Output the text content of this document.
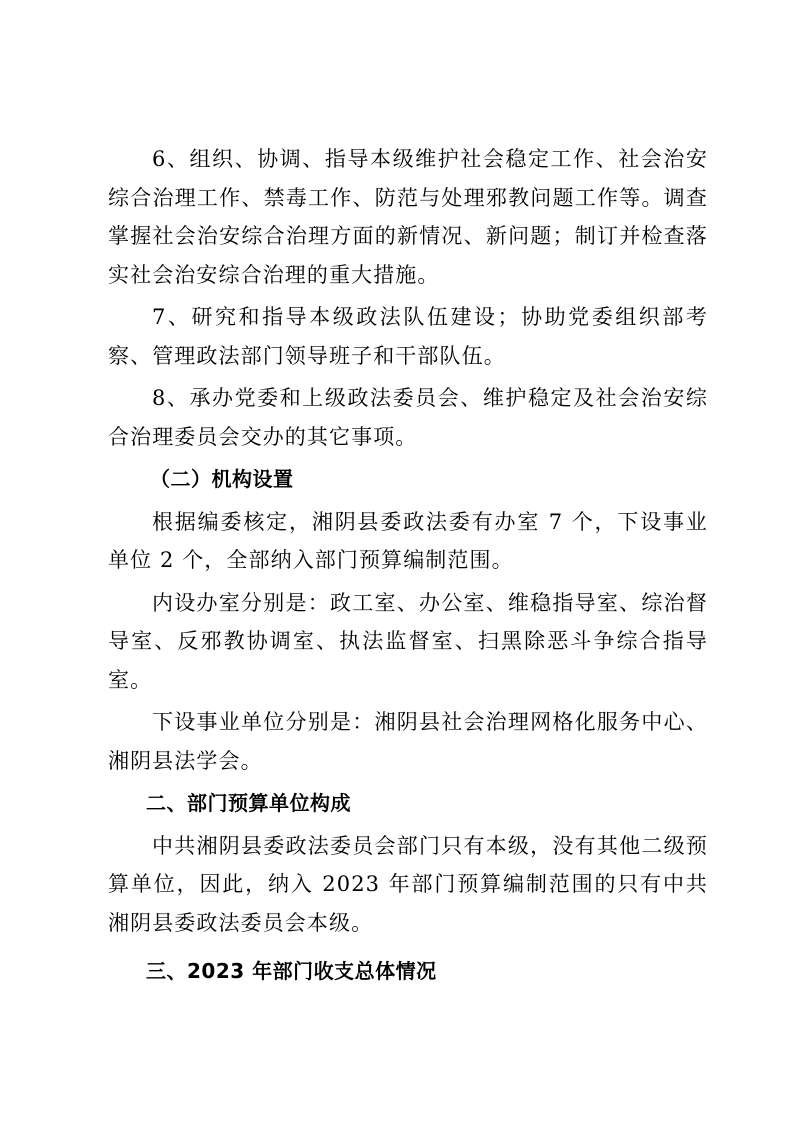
6、组织、协调、指导本级维护社会稳定工作、社会治安综合治理工作、禁毒工作、防范与处理邪教问题工作等。调查掌握社会治安综合治理方面的新情况、新问题；制订并检查落实社会治安综合治理的重大措施。

7、研究和指导本级政法队伍建设；协助党委组织部考察、管理政法部门领导班子和干部队伍。

8、承办党委和上级政法委员会、维护稳定及社会治安综合治理委员会交办的其它事项。

（二）机构设置

根据编委核定，湘阴县委政法委有办室 7 个，下设事业单位 2 个，全部纳入部门预算编制范围。

内设办室分别是：政工室、办公室、维稳指导室、综治督导室、反邪教协调室、执法监督室、扫黑除恶斗争综合指导室。

下设事业单位分别是：湘阴县社会治理网格化服务中心、湘阴县法学会。

二、部门预算单位构成

中共湘阴县委政法委员会部门只有本级，没有其他二级预算单位，因此，纳入 2023 年部门预算编制范围的只有中共湘阴县委政法委员会本级。

三、2023 年部门收支总体情况
